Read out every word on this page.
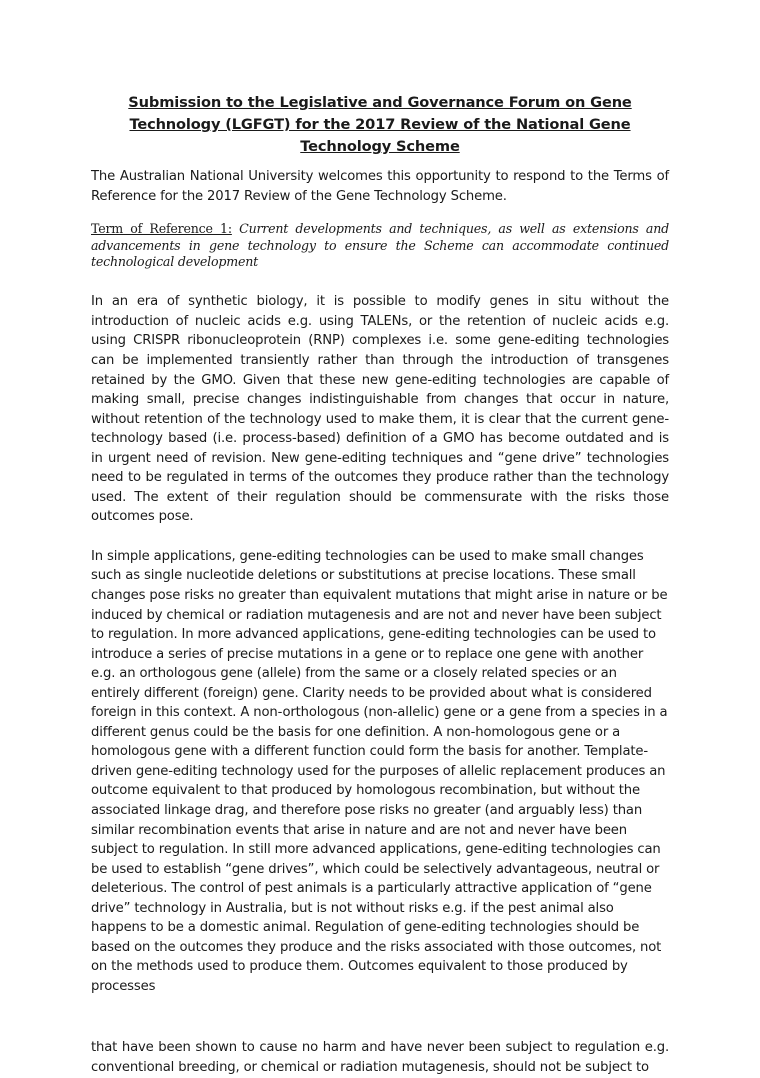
Submission to the Legislative and Governance Forum on Gene Technology (LGFGT) for the 2017 Review of the National Gene Technology Scheme

The Australian National University welcomes this opportunity to respond to the Terms of Reference for the 2017 Review of the Gene Technology Scheme.

Term of Reference 1: Current developments and techniques, as well as extensions and advancements in gene technology to ensure the Scheme can accommodate continued technological development

In an era of synthetic biology, it is possible to modify genes in situ without the introduction of nucleic acids e.g. using TALENs, or the retention of nucleic acids e.g. using CRISPR ribonucleoprotein (RNP) complexes i.e. some gene-editing technologies can be implemented transiently rather than through the introduction of transgenes retained by the GMO. Given that these new gene-editing technologies are capable of making small, precise changes indistinguishable from changes that occur in nature, without retention of the technology used to make them, it is clear that the current gene-technology based (i.e. process-based) definition of a GMO has become outdated and is in urgent need of revision. New gene-editing techniques and “gene drive” technologies need to be regulated in terms of the outcomes they produce rather than the technology used. The extent of their regulation should be commensurate with the risks those outcomes pose.

In simple applications, gene-editing technologies can be used to make small changes such as single nucleotide deletions or substitutions at precise locations. These small changes pose risks no greater than equivalent mutations that might arise in nature or be induced by chemical or radiation mutagenesis and are not and never have been subject to regulation. In more advanced applications, gene-editing technologies can be used to introduce a series of precise mutations in a gene or to replace one gene with another e.g. an orthologous gene (allele) from the same or a closely related species or an entirely different (foreign) gene. Clarity needs to be provided about what is considered foreign in this context. A non-orthologous (non-allelic) gene or a gene from a species in a different genus could be the basis for one definition. A non-homologous gene or a homologous gene with a different function could form the basis for another. Template-driven gene-editing technology used for the purposes of allelic replacement produces an outcome equivalent to that produced by homologous recombination, but without the associated linkage drag, and therefore pose risks no greater (and arguably less) than similar recombination events that arise in nature and are not and never have been subject to regulation. In still more advanced applications, gene-editing technologies can be used to establish “gene drives”, which could be selectively advantageous, neutral or deleterious. The control of pest animals is a particularly attractive application of “gene drive” technology in Australia, but is not without risks e.g. if the pest animal also happens to be a domestic animal. Regulation of gene-editing technologies should be based on the outcomes they produce and the risks associated with those outcomes, not on the methods used to produce them. Outcomes equivalent to those produced by processes

that have been shown to cause no harm and have never been subject to regulation e.g. conventional breeding, or chemical or radiation mutagenesis, should not be subject to
